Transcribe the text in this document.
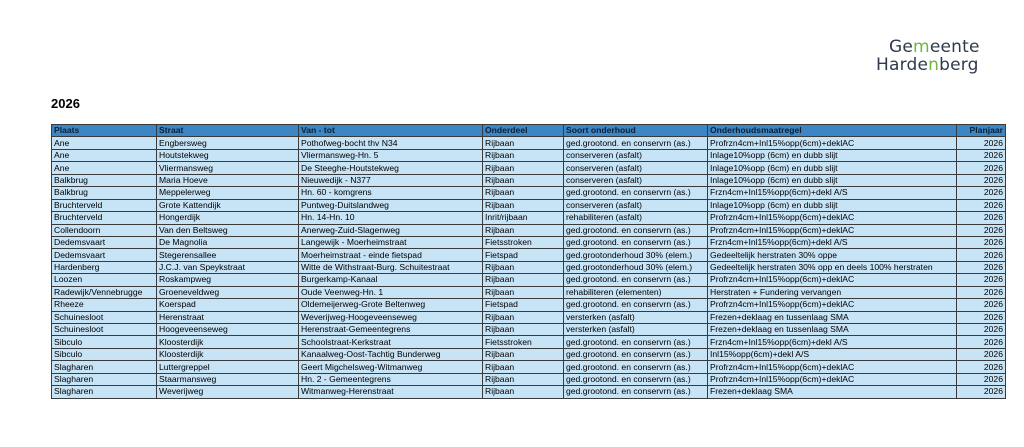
Gemeente
Hardenberg
2026
Plaats	Straat	Van - tot	Onderdeel	Soort onderhoud	Onderhoudsmaatregel	Planjaar
Ane	Engbersweg	Pothofweg-bocht thv N34	Rijbaan	ged.grootond. en conservrn (as.)	Profrzn4cm+Inl15%opp(6cm)+deklAC	2026
Ane	Houtstekweg	Vliermansweg-Hn. 5	Rijbaan	conserveren (asfalt)	Inlage10%opp (6cm) en dubb slijt	2026
Ane	Vliermansweg	De Steeghe-Houtstekweg	Rijbaan	conserveren (asfalt)	Inlage10%opp (6cm) en dubb slijt	2026
Balkbrug	Maria Hoeve	Nieuwedijk - N377	Rijbaan	conserveren (asfalt)	Inlage10%opp (6cm) en dubb slijt	2026
Balkbrug	Meppelerweg	Hn. 60 - komgrens	Rijbaan	ged.grootond. en conservrn (as.)	Frzn4cm+Inl15%opp(6cm)+dekl A/S	2026
Bruchterveld	Grote Kattendijk	Puntweg-Duitslandweg	Rijbaan	conserveren (asfalt)	Inlage10%opp (6cm) en dubb slijt	2026
Bruchterveld	Hongerdijk	Hn. 14-Hn. 10	Inrit/rijbaan	rehabiliteren (asfalt)	Profrzn4cm+Inl15%opp(6cm)+deklAC	2026
Collendoorn	Van den Beltsweg	Anerweg-Zuid-Slagenweg	Rijbaan	ged.grootond. en conservrn (as.)	Profrzn4cm+Inl15%opp(6cm)+deklAC	2026
Dedemsvaart	De Magnolia	Langewijk - Moerheimstraat	Fietsstroken	ged.grootond. en conservrn (as.)	Frzn4cm+Inl15%opp(6cm)+dekl A/S	2026
Dedemsvaart	Stegerensallee	Moerheimstraat - einde fietspad	Fietspad	ged.grootonderhoud 30% (elem.)	Gedeeltelijk herstraten 30% oppe	2026
Hardenberg	J.C.J. van Speykstraat	Witte de Withstraat-Burg. Schuitestraat	Rijbaan	ged.grootonderhoud 30% (elem.)	Gedeeltelijk herstraten 30% opp en deels 100% herstraten	2026
Loozen	Roskampweg	Burgerkamp-Kanaal	Rijbaan	ged.grootond. en conservrn (as.)	Profrzn4cm+Inl15%opp(6cm)+deklAC	2026
Radewijk/Vennebrugge	Groeneveldweg	Oude Veenweg-Hn. 1	Rijbaan	rehabiliteren (elementen)	Herstraten + Fundering vervangen	2026
Rheeze	Koerspad	Oldemeijerweg-Grote Beltenweg	Fietspad	ged.grootond. en conservrn (as.)	Profrzn4cm+Inl15%opp(6cm)+deklAC	2026
Schuinesloot	Herenstraat	Weverijweg-Hoogeveenseweg	Rijbaan	versterken (asfalt)	Frezen+deklaag en tussenlaag SMA	2026
Schuinesloot	Hoogeveenseweg	Herenstraat-Gemeentegrens	Rijbaan	versterken (asfalt)	Frezen+deklaag en tussenlaag SMA	2026
Sibculo	Kloosterdijk	Schoolstraat-Kerkstraat	Fietsstroken	ged.grootond. en conservrn (as.)	Frzn4cm+Inl15%opp(6cm)+dekl A/S	2026
Sibculo	Kloosterdijk	Kanaalweg-Oost-Tachtig Bunderweg	Rijbaan	ged.grootond. en conservrn (as.)	Inl15%opp(6cm)+dekl A/S	2026
Slagharen	Luttergreppel	Geert Migchelsweg-Witmanweg	Rijbaan	ged.grootond. en conservrn (as.)	Profrzn4cm+Inl15%opp(6cm)+deklAC	2026
Slagharen	Staarmansweg	Hn. 2 - Gemeentegrens	Rijbaan	ged.grootond. en conservrn (as.)	Profrzn4cm+Inl15%opp(6cm)+deklAC	2026
Slagharen	Weverijweg	Witmanweg-Herenstraat	Rijbaan	ged.grootond. en conservrn (as.)	Frezen+deklaag SMA	2026
